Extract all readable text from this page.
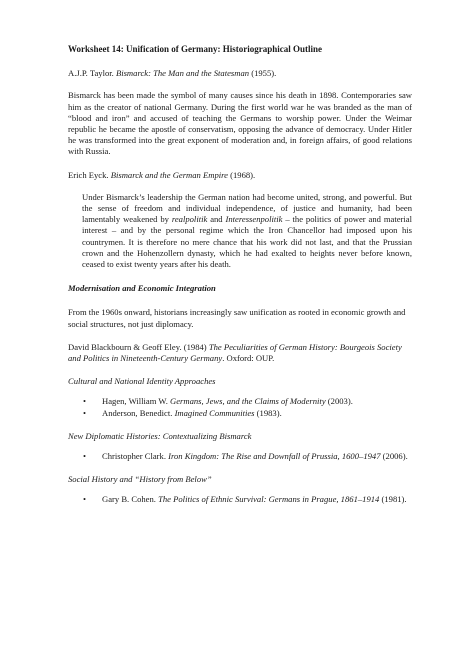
Worksheet 14: Unification of Germany: Historiographical Outline
A.J.P. Taylor. Bismarck: The Man and the Statesman (1955).

Bismarck has been made the symbol of many causes since his death in 1898. Contemporaries saw him as the creator of national Germany. During the first world war he was branded as the man of “blood and iron” and accused of teaching the Germans to worship power. Under the Weimar republic he became the apostle of conservatism, opposing the advance of democracy. Under Hitler he was transformed into the great exponent of moderation and, in foreign affairs, of good relations with Russia.

Erich Eyck. Bismarck and the German Empire (1968).
Under Bismarck’s leadership the German nation had become united, strong, and powerful. But the sense of freedom and individual independence, of justice and humanity, had been lamentably weakened by realpolitik and Interessenpolitik – the politics of power and material interest – and by the personal regime which the Iron Chancellor had imposed upon his countrymen. It is therefore no mere chance that his work did not last, and that the Prussian crown and the Hohenzollern dynasty, which he had exalted to heights never before known, ceased to exist twenty years after his death.
Modernisation and Economic Integration

From the 1960s onward, historians increasingly saw unification as rooted in economic growth and social structures, not just diplomacy.

David Blackbourn & Geoff Eley. (1984) The Peculiarities of German History: Bourgeois Society and Politics in Nineteenth-Century Germany. Oxford: OUP.

Cultural and National Identity Approaches
• Hagen, William W. Germans, Jews, and the Claims of Modernity (2003).
• Anderson, Benedict. Imagined Communities (1983).
New Diplomatic Histories: Contextualizing Bismarck
• Christopher Clark. Iron Kingdom: The Rise and Downfall of Prussia, 1600–1947 (2006).
Social History and “History from Below”
• Gary B. Cohen. The Politics of Ethnic Survival: Germans in Prague, 1861–1914 (1981).
